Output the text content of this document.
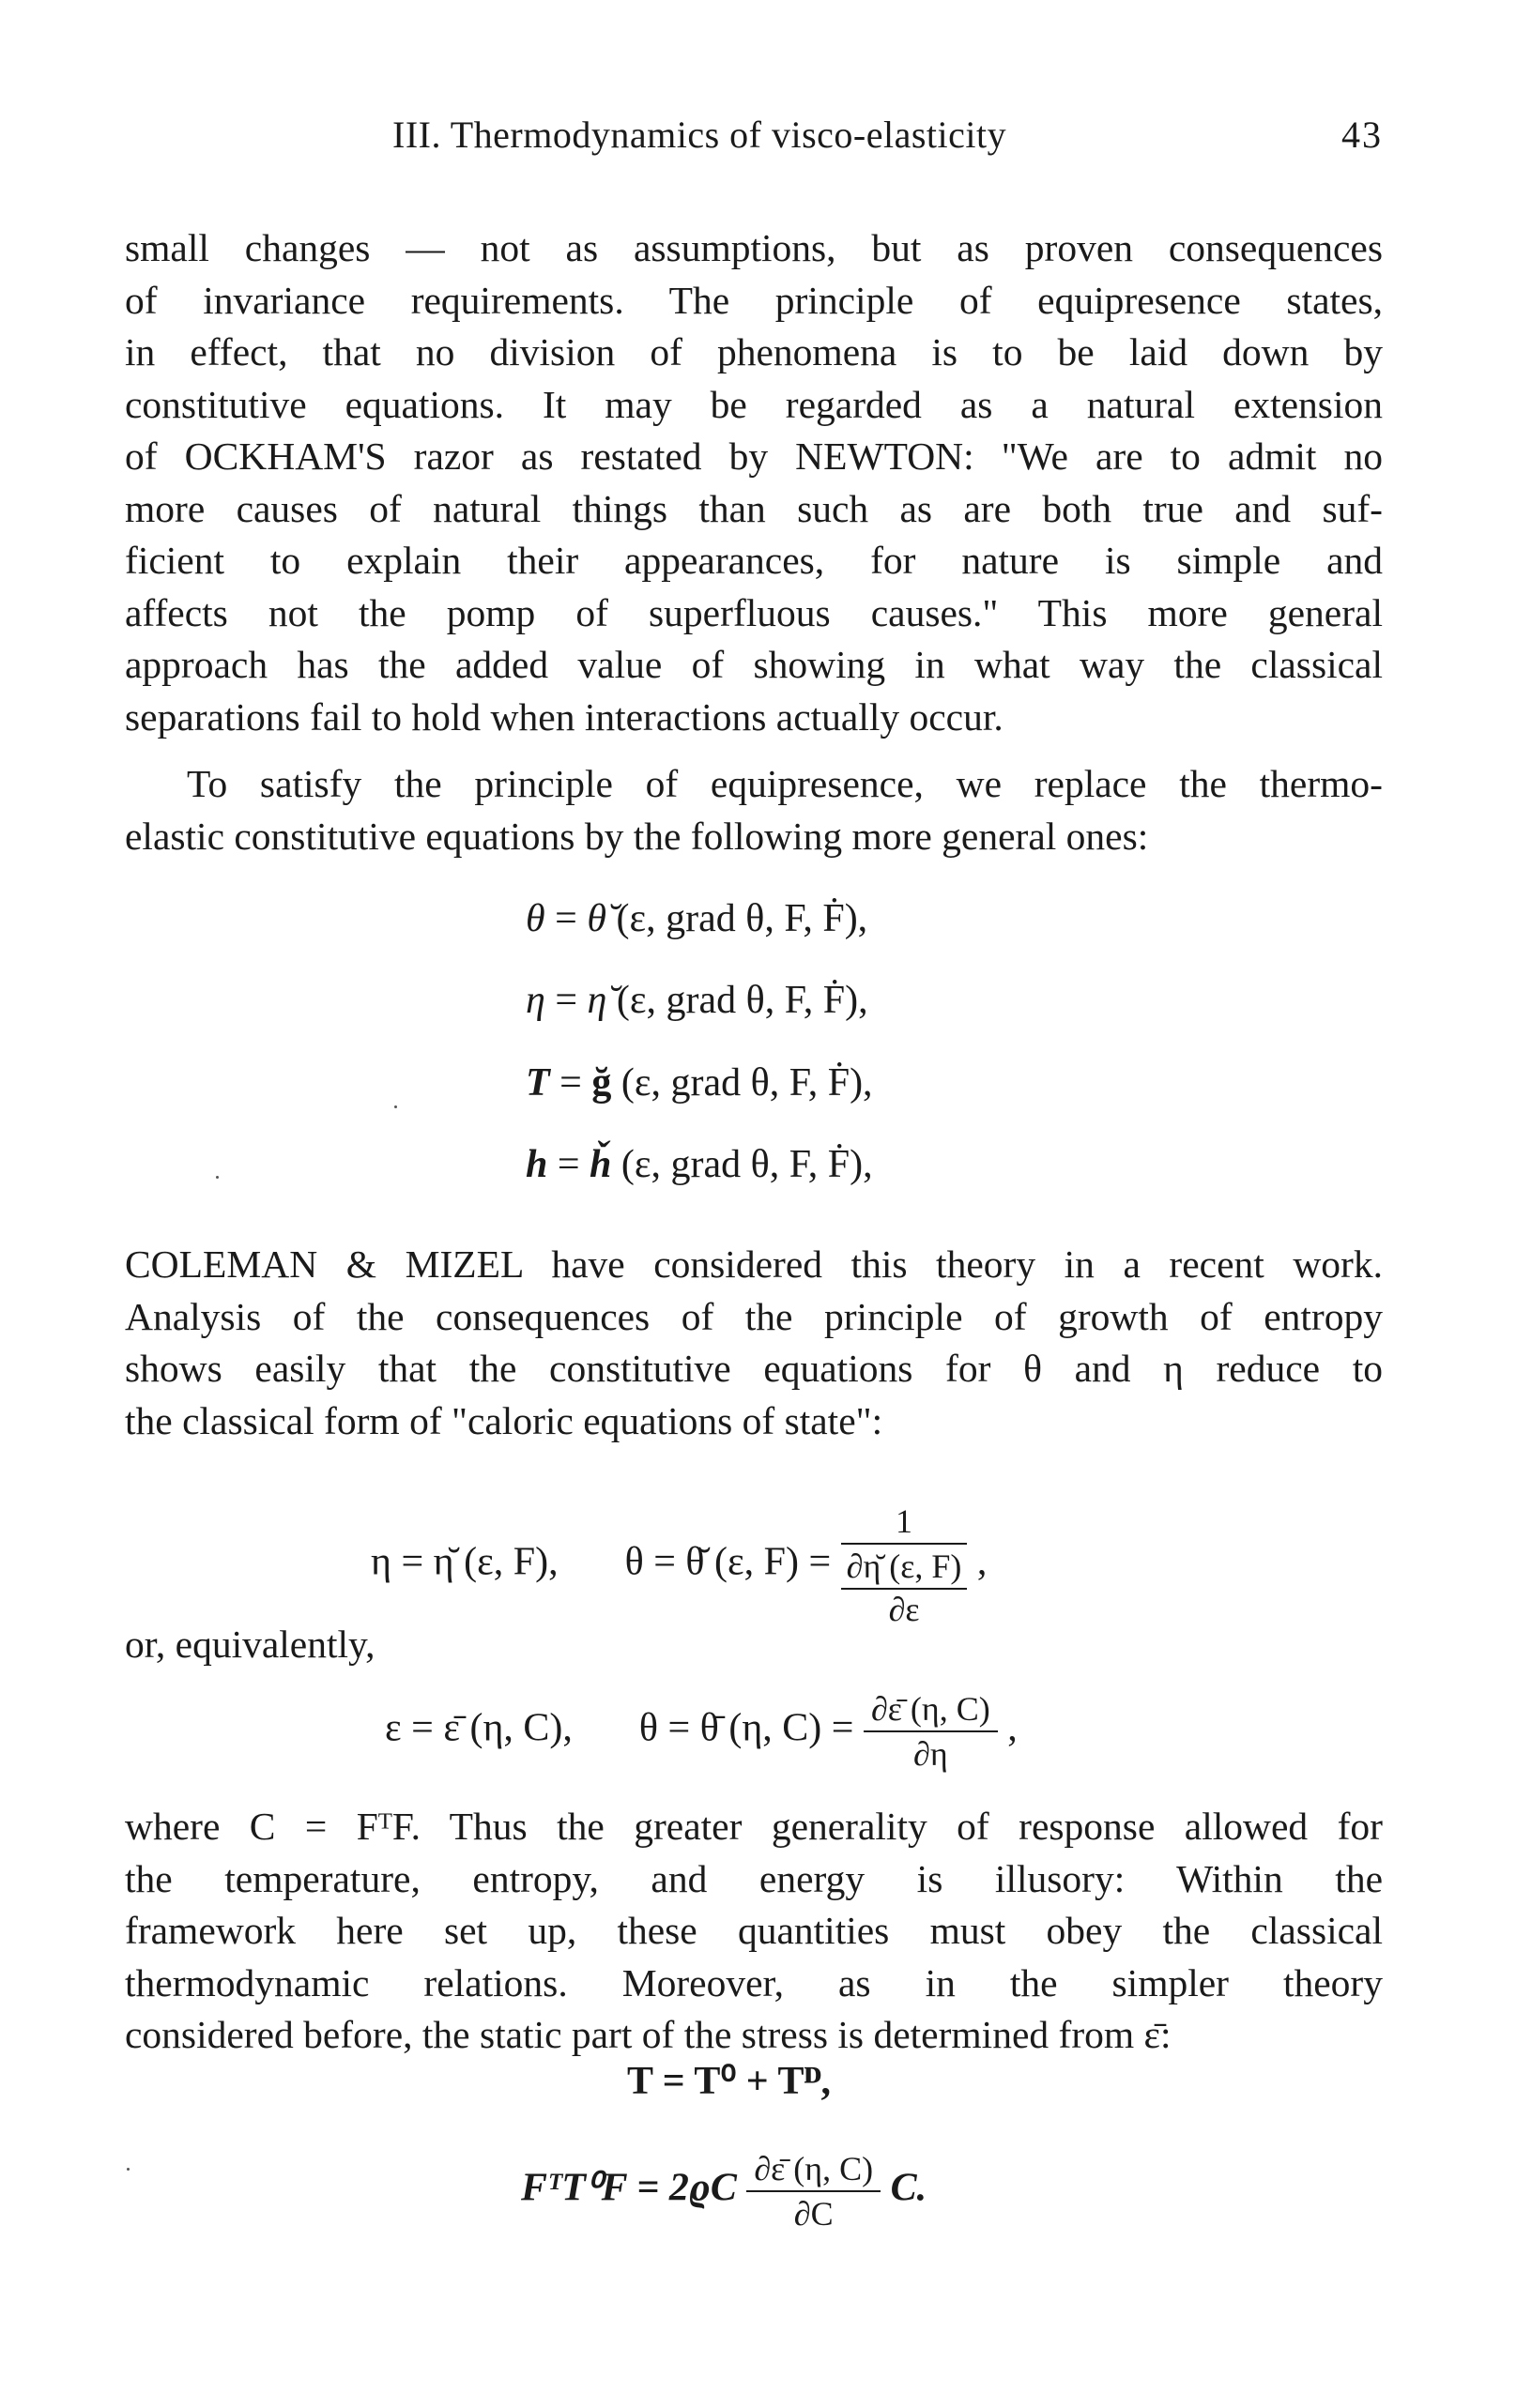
III. Thermodynamics of visco-elasticity	43
small changes — not as assumptions, but as proven consequences
of invariance requirements. The principle of equipresence states,
in effect, that no division of phenomena is to be laid down by
constitutive equations. It may be regarded as a natural extension
of OCKHAM'S razor as restated by NEWTON: "We are to admit no
more causes of natural things than such as are both true and suf-
ficient to explain their appearances, for nature is simple and
affects not the pomp of superfluous causes." This more general
approach has the added value of showing in what way the classical
separations fail to hold when interactions actually occur.
To satisfy the principle of equipresence, we replace the thermo-
elastic constitutive equations by the following more general ones:
θ = θ̆ (ε, grad θ, F, Ḟ),
η = η̆ (ε, grad θ, F, Ḟ),
T = ğ (ε, grad θ, F, Ḟ),
h = ȟ (ε, grad θ, F, Ḟ),
COLEMAN & MIZEL have considered this theory in a recent work.
Analysis of the consequences of the principle of growth of entropy
shows easily that the constitutive equations for θ and η reduce to
the classical form of "caloric equations of state":
η = η̆ (ε, F), θ = θ̆ (ε, F) = 1
∂η̆ (ε, F)
∂ε ,
or, equivalently,
ε = ε̄ (η, C), θ = θ̄ (η, $C) = \frac{\partial\varepsilon̄ (\eta, C)}{\partial\eta}$ ,
where C = FᵀF. Thus the greater generality of response allowed for
the temperature, entropy, and energy is illusory: Within the
framework here set up, these quantities must obey the classical
thermodynamic relations. Moreover, as in the simpler theory
considered before, the static part of the stress is determined from ε̄:
T = T⁰ + Tᴰ,
FᵀT⁰F = $2ϱC \frac{\partial\varepsilon̄ (\eta, C)}{\partial C} C$.
